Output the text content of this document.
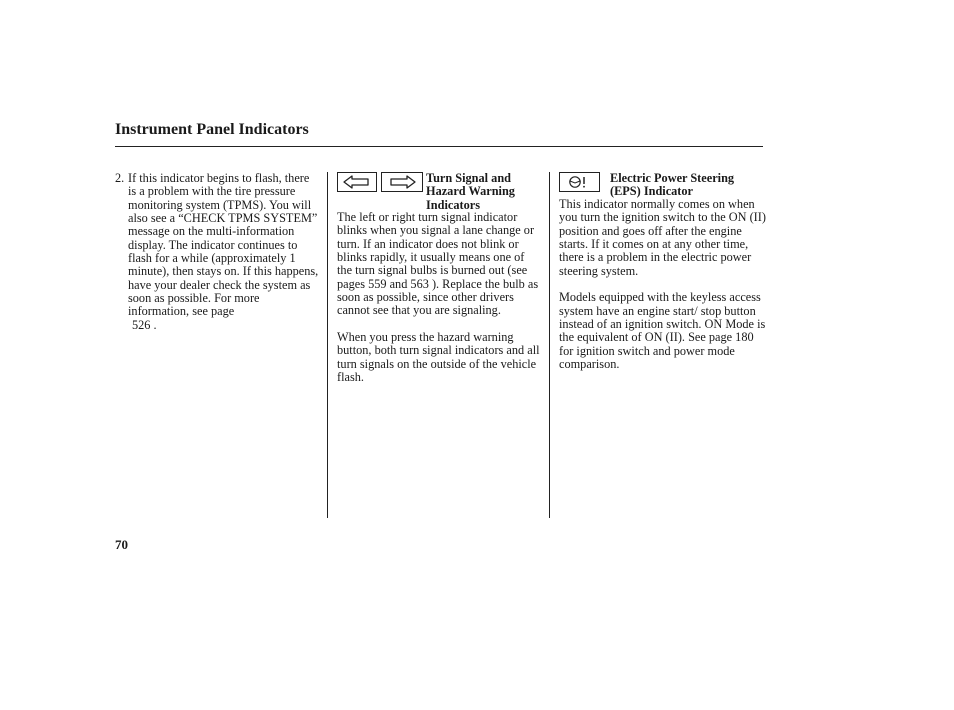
Instrument Panel Indicators
2. If this indicator begins to flash, there is a problem with the tire pressure monitoring system (TPMS). You will also see a “CHECK TPMS SYSTEM” message on the multi-information display. The indicator continues to flash for a while (approximately 1 minute), then stays on. If this happens, have your dealer check the system as soon as possible. For more information, see page
526 .
Turn Signal and Hazard Warning Indicators

The left or right turn signal indicator blinks when you signal a lane change or turn. If an indicator does not blink or blinks rapidly, it usually means one of the turn signal bulbs is burned out (see pages 559 and 563 ). Replace the bulb as soon as possible, since other drivers cannot see that you are signaling.

When you press the hazard warning button, both turn signal indicators and all turn signals on the outside of the vehicle flash.

Electric Power Steering (EPS) Indicator

This indicator normally comes on when you turn the ignition switch to the ON (II) position and goes off after the engine starts. If it comes on at any other time, there is a problem in the electric power steering system.

Models equipped with the keyless access system have an engine start/ stop button instead of an ignition switch. ON Mode is the equivalent of ON (II). See page 180 for ignition switch and power mode comparison.

70
